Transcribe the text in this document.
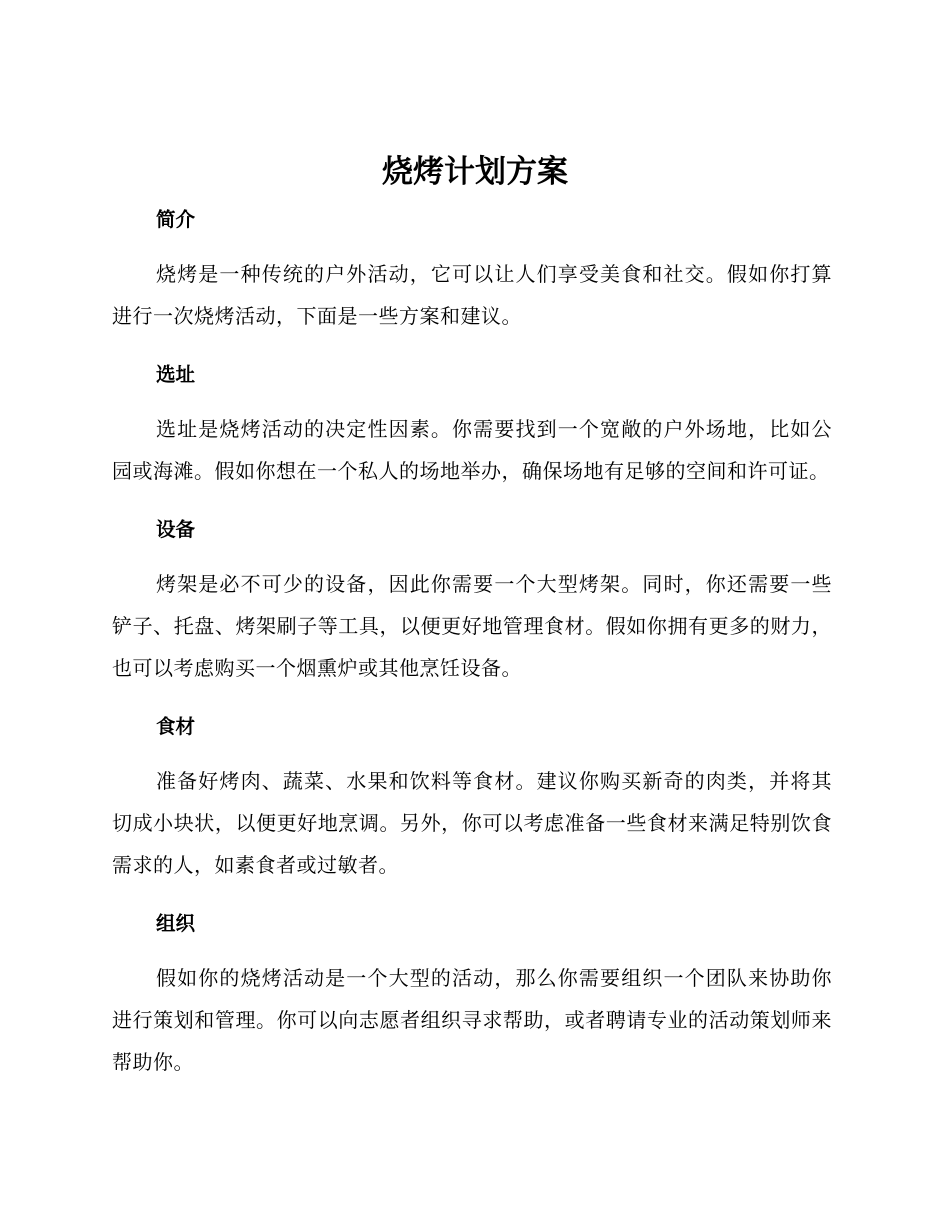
烧烤计划方案
简介

烧烤是一种传统的户外活动，它可以让人们享受美食和社交。假如你打算进行一次烧烤活动，下面是一些方案和建议。

选址

选址是烧烤活动的决定性因素。你需要找到一个宽敞的户外场地，比如公园或海滩。假如你想在一个私人的场地举办，确保场地有足够的空间和许可证。

设备

烤架是必不可少的设备，因此你需要一个大型烤架。同时，你还需要一些铲子、托盘、烤架刷子等工具，以便更好地管理食材。假如你拥有更多的财力，也可以考虑购买一个烟熏炉或其他烹饪设备。

食材

准备好烤肉、蔬菜、水果和饮料等食材。建议你购买新奇的肉类，并将其切成小块状，以便更好地烹调。另外，你可以考虑准备一些食材来满足特别饮食需求的人，如素食者或过敏者。

组织

假如你的烧烤活动是一个大型的活动，那么你需要组织一个团队来协助你进行策划和管理。你可以向志愿者组织寻求帮助，或者聘请专业的活动策划师来帮助你。
